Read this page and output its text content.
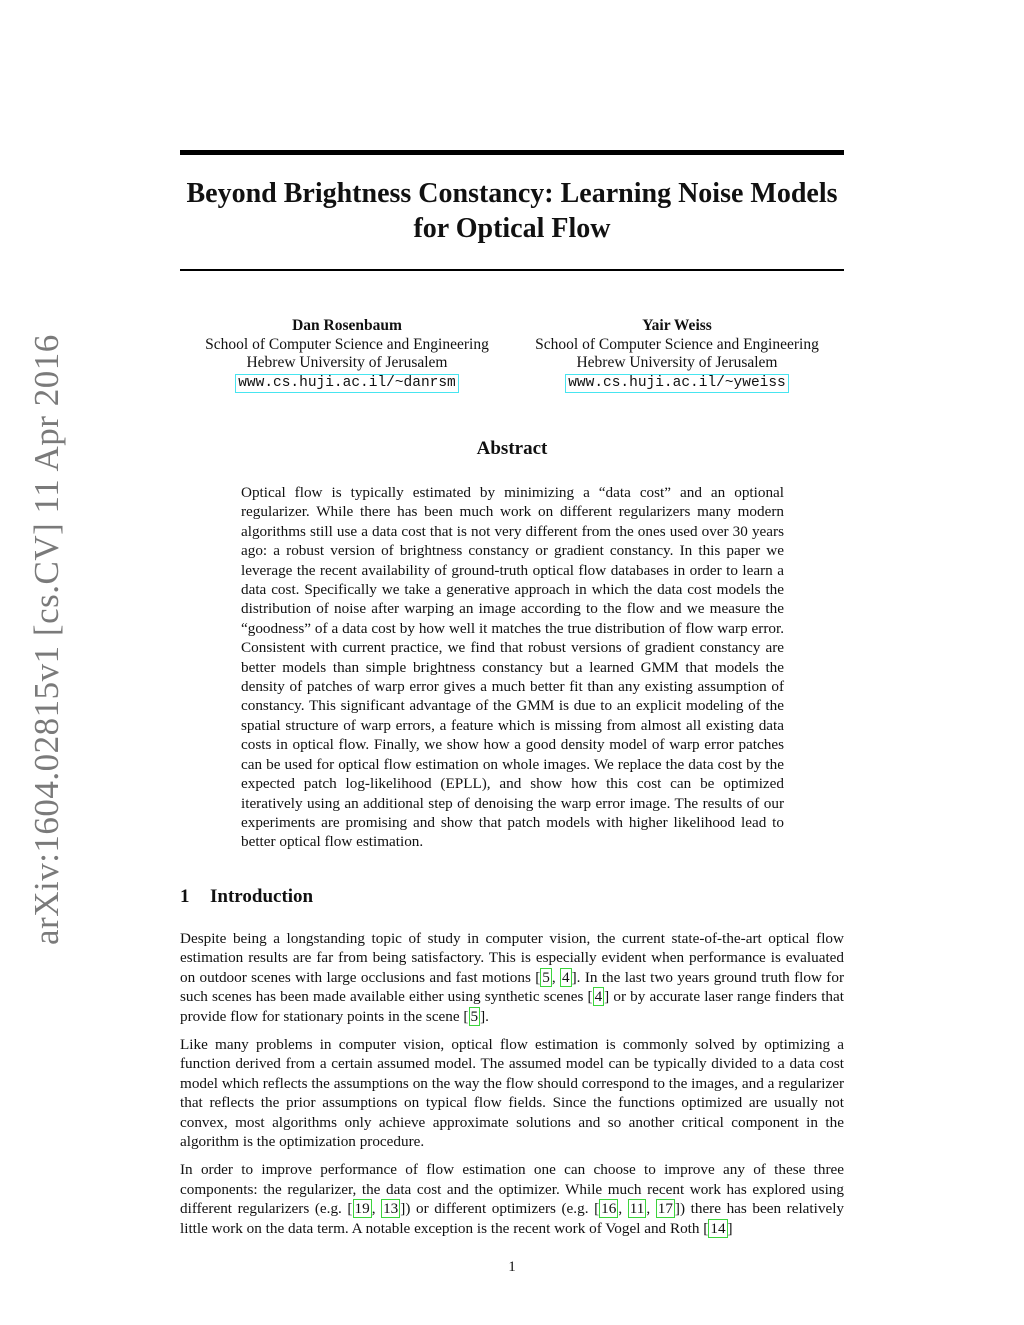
arXiv:1604.02815v1 [cs.CV] 11 Apr 2016
Beyond Brightness Constancy: Learning Noise Models for Optical Flow
Dan Rosenbaum
School of Computer Science and Engineering
Hebrew University of Jerusalem
www.cs.huji.ac.il/~danrsm
Yair Weiss
School of Computer Science and Engineering
Hebrew University of Jerusalem
www.cs.huji.ac.il/~yweiss
Abstract

Optical flow is typically estimated by minimizing a “data cost” and an optional regularizer. While there has been much work on different regularizers many modern algorithms still use a data cost that is not very different from the ones used over 30 years ago: a robust version of brightness constancy or gradient constancy. In this paper we leverage the recent availability of ground-truth optical flow databases in order to learn a data cost. Specifically we take a generative approach in which the data cost models the distribution of noise after warping an image according to the flow and we measure the “goodness” of a data cost by how well it matches the true distribution of flow warp error. Consistent with current practice, we find that robust versions of gradient constancy are better models than simple brightness constancy but a learned GMM that models the density of patches of warp error gives a much better fit than any existing assumption of constancy. This significant advantage of the GMM is due to an explicit modeling of the spatial structure of warp errors, a feature which is missing from almost all existing data costs in optical flow. Finally, we show how a good density model of warp error patches can be used for optical flow estimation on whole images. We replace the data cost by the expected patch log-likelihood (EPLL), and show how this cost can be optimized iteratively using an additional step of denoising the warp error image. The results of our experiments are promising and show that patch models with higher likelihood lead to better optical flow estimation.

1 Introduction

Despite being a longstanding topic of study in computer vision, the current state-of-the-art optical flow estimation results are far from being satisfactory. This is especially evident when performance is evaluated on outdoor scenes with large occlusions and fast motions [ 5 , 4 ]. In the last two years ground truth flow for such scenes has been made available either using synthetic scenes [ 4 ] or by accurate laser range finders that provide flow for stationary points in the scene [ 5 ].

Like many problems in computer vision, optical flow estimation is commonly solved by optimizing a function derived from a certain assumed model. The assumed model can be typically divided to a data cost model which reflects the assumptions on the way the flow should correspond to the images, and a regularizer that reflects the prior assumptions on typical flow fields. Since the functions optimized are usually not convex, most algorithms only achieve approximate solutions and so another critical component in the algorithm is the optimization procedure.

In order to improve performance of flow estimation one can choose to improve any of these three components: the regularizer, the data cost and the optimizer. While much recent work has explored using different regularizers (e.g. [ 19 , 13 ]) or different optimizers (e.g. [ 16 , 11 , 17 ]) there has been relatively little work on the data term. A notable exception is the recent work of Vogel and Roth [ 14 ]

1
